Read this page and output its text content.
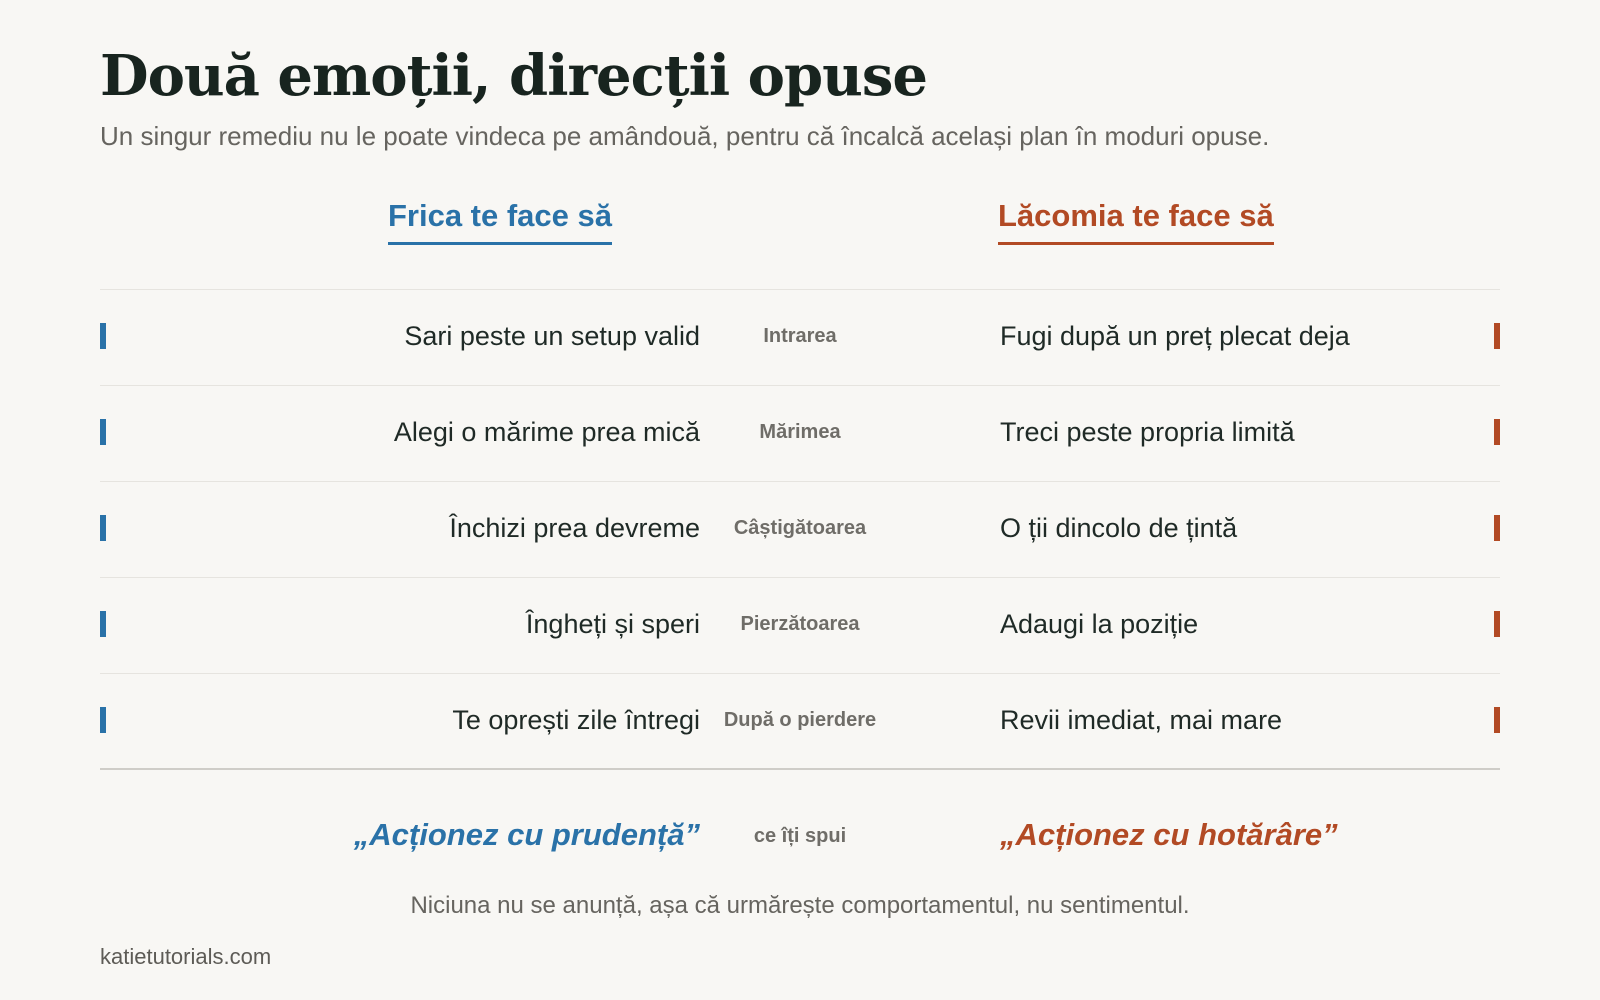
Două emoții, direcții opuse
Un singur remediu nu le poate vindeca pe amândouă, pentru că încalcă același plan în moduri opuse.
Frica te face să	Lăcomia te face să
Sari peste un setup valid	Intrarea	Fugi după un preț plecat deja
Alegi o mărime prea mică	Mărimea	Treci peste propria limită
Închizi prea devreme	Câștigătoarea	O ții dincolo de țintă
Îngheți și speri	Pierzătoarea	Adaugi la poziție
Te oprești zile întregi	După o pierdere	Revii imediat, mai mare
„Acționez cu prudență”	ce îți spui	„Acționez cu hotărâre”
Niciuna nu se anunță, așa că urmărește comportamentul, nu sentimentul.
katietutorials.com
